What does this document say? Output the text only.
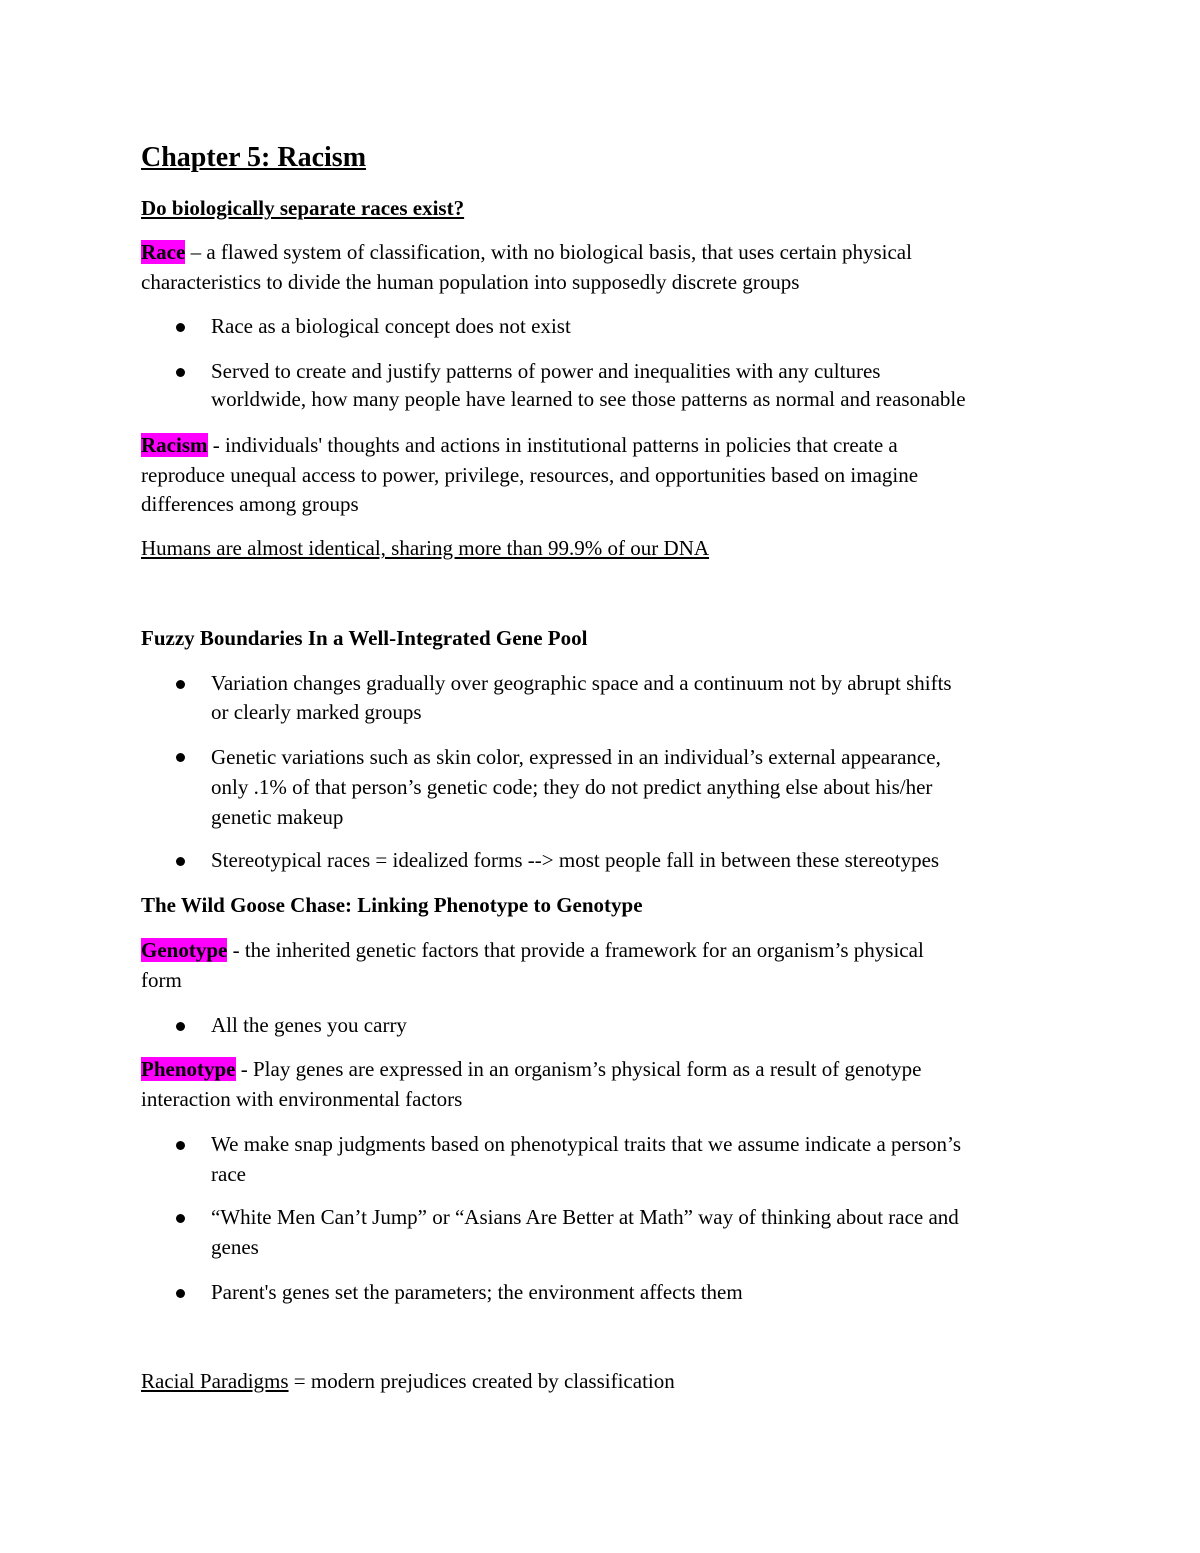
Chapter 5: Racism
Do biologically separate races exist?
Race – a flawed system of classification, with no biological basis, that uses certain physical
characteristics to divide the human population into supposedly discrete groups
Race as a biological concept does not exist
Served to create and justify patterns of power and inequalities with any cultures
worldwide, how many people have learned to see those patterns as normal and reasonable
Racism - individuals' thoughts and actions in institutional patterns in policies that create a
reproduce unequal access to power, privilege, resources, and opportunities based on imagine
differences among groups
Humans are almost identical, sharing more than 99.9% of our DNA
Fuzzy Boundaries In a Well-Integrated Gene Pool
Variation changes gradually over geographic space and a continuum not by abrupt shifts
or clearly marked groups
Genetic variations such as skin color, expressed in an individual’s external appearance,
only .1% of that person’s genetic code; they do not predict anything else about his/her
genetic makeup
Stereotypical races = idealized forms --> most people fall in between these stereotypes
The Wild Goose Chase: Linking Phenotype to Genotype
Genotype - the inherited genetic factors that provide a framework for an organism’s physical
form
All the genes you carry
Phenotype - Play genes are expressed in an organism’s physical form as a result of genotype
interaction with environmental factors
We make snap judgments based on phenotypical traits that we assume indicate a person’s
race
“White Men Can’t Jump” or “Asians Are Better at Math” way of thinking about race and
genes
Parent's genes set the parameters; the environment affects them
Racial Paradigms = modern prejudices created by classification
